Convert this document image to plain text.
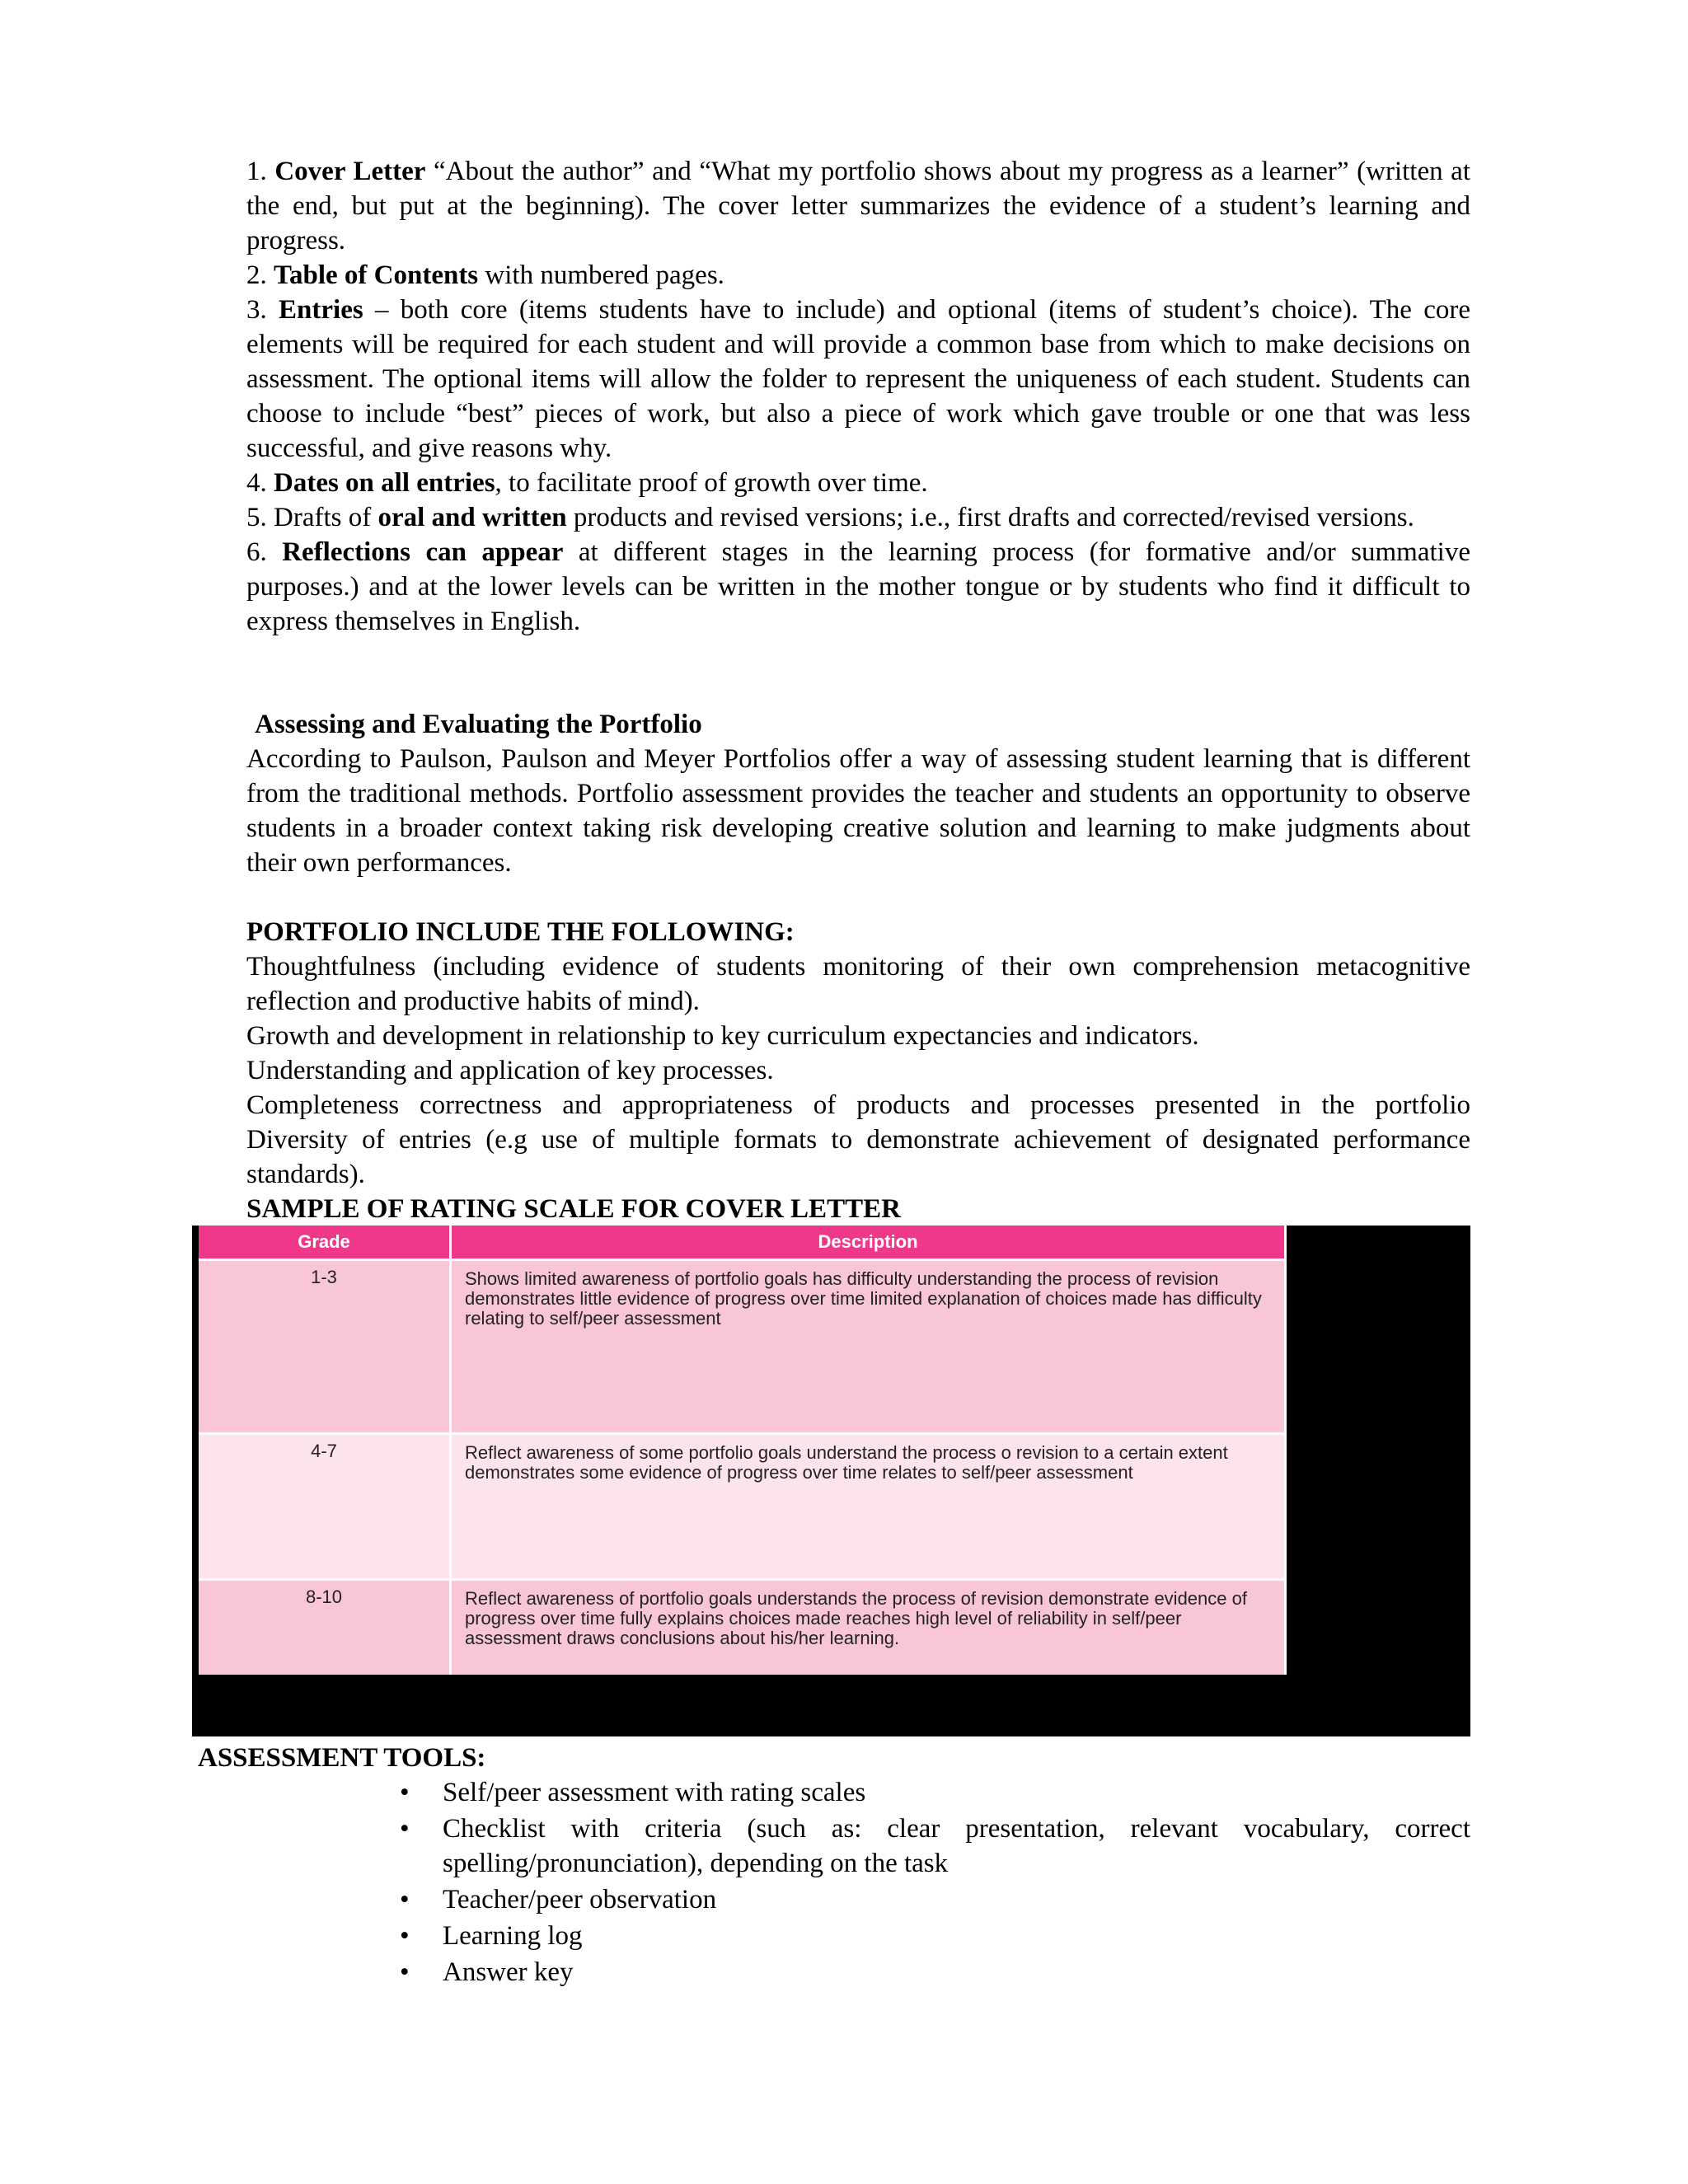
1. Cover Letter “About the author” and “What my portfolio shows about my progress as a learner” (written at the end, but put at the beginning). The cover letter summarizes the evidence of a student’s learning and progress.

2. Table of Contents with numbered pages.

3. Entries – both core (items students have to include) and optional (items of student’s choice). The core elements will be required for each student and will provide a common base from which to make decisions on assessment. The optional items will allow the folder to represent the uniqueness of each student. Students can choose to include “best” pieces of work, but also a piece of work which gave trouble or one that was less successful, and give reasons why.

4. Dates on all entries, to facilitate proof of growth over time.

5. Drafts of oral and written products and revised versions; i.e., first drafts and corrected/revised versions.

6. Reflections can appear at different stages in the learning process (for formative and/or summative purposes.) and at the lower levels can be written in the mother tongue or by students who find it difficult to express themselves in English.

Assessing and Evaluating the Portfolio

According to Paulson, Paulson and Meyer Portfolios offer a way of assessing student learning that is different from the traditional methods. Portfolio assessment provides the teacher and students an opportunity to observe students in a broader context taking risk developing creative solution and learning to make judgments about their own performances.

PORTFOLIO INCLUDE THE FOLLOWING:

Thoughtfulness (including evidence of students monitoring of their own comprehension metacognitive reflection and productive habits of mind).

Growth and development in relationship to key curriculum expectancies and indicators.

Understanding and application of key processes.

Completeness correctness and appropriateness of products and processes presented in the portfolio

Diversity of entries (e.g use of multiple formats to demonstrate achievement of designated performance standards).

SAMPLE OF RATING SCALE FOR COVER LETTER
Grade	Description
1-3	Shows limited awareness of portfolio goals has difficulty understanding the process of revision demonstrates little evidence of progress over time limited explanation of choices made has difficulty relating to self/peer assessment
4-7	Reflect awareness of some portfolio goals understand the process o revision to a certain extent demonstrates some evidence of progress over time relates to self/peer assessment
8-10	Reflect awareness of portfolio goals understands the process of revision demonstrate evidence of progress over time fully explains choices made reaches high level of reliability in self/peer assessment draws conclusions about his/her learning.
ASSESSMENT TOOLS:
• Self/peer assessment with rating scales
• Checklist with criteria (such as: clear presentation, relevant vocabulary, correct spelling/pronunciation), depending on the task
• Teacher/peer observation
• Learning log
• Answer key
